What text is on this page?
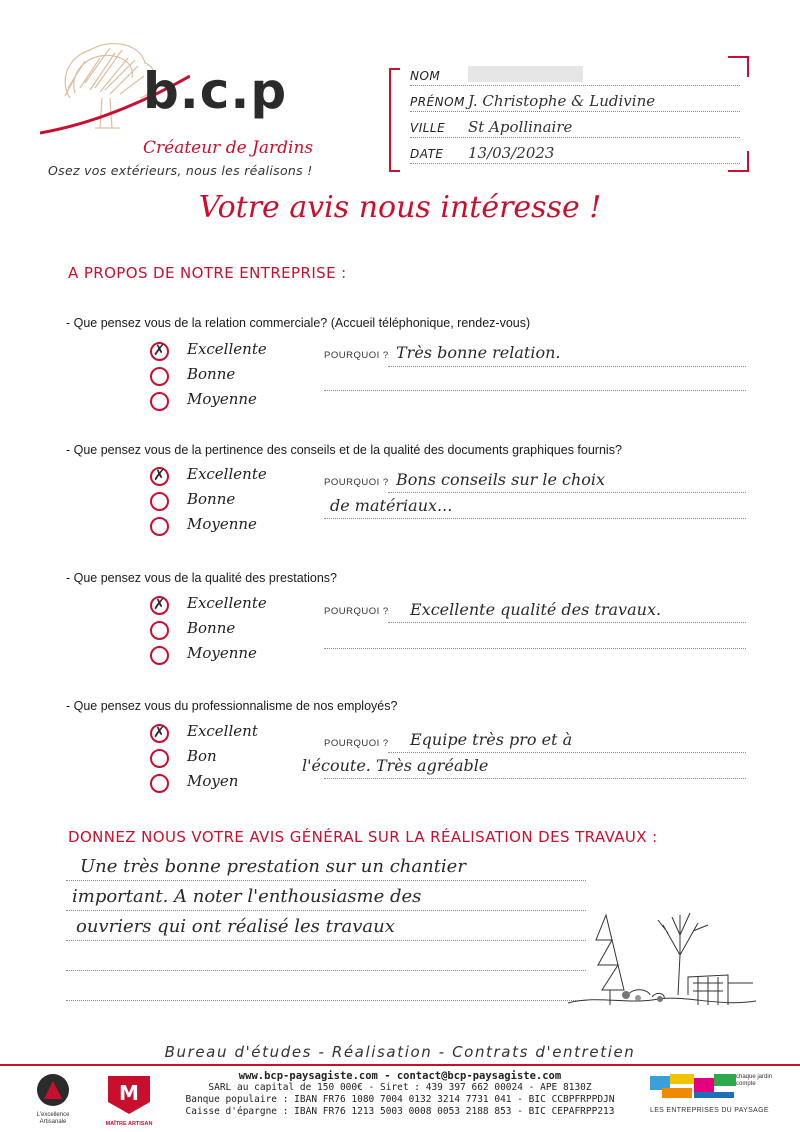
b.c.p
Créateur de Jardins
Osez vos extérieurs, nous les réalisons !
NOM
PRÉNOM J. Christophe & Ludivine
VILLE St Apollinaire
DATE 13/03/2023
Votre avis nous intéresse !
A PROPOS DE NOTRE ENTREPRISE :
- Que pensez vous de la relation commerciale? (Accueil téléphonique, rendez-vous)
✗ Excellente
Bonne
Moyenne
POURQUOI ? Très bonne relation.
- Que pensez vous de la pertinence des conseils et de la qualité des documents graphiques fournis?
✗ Excellente
Bonne
Moyenne
POURQUOI ? Bons conseils sur le choix
de matériaux...
- Que pensez vous de la qualité des prestations?
✗ Excellente
Bonne
Moyenne
POURQUOI ? Excellente qualité des travaux.
- Que pensez vous du professionnalisme de nos employés?
✗ Excellent
Bon
Moyen
POURQUOI ? Equipe très pro et à
l'écoute. Très agréable
DONNEZ NOUS VOTRE AVIS GÉNÉRAL SUR LA RÉALISATION DES TRAVAUX :
Une très bonne prestation sur un chantier
important. A noter l'enthousiasme des
ouvriers qui ont réalisé les travaux
Bureau d'études - Réalisation - Contrats d'entretien
www.bcp-paysagiste.com - contact@bcp-paysagiste.com
SARL au capital de 150 000€ - Siret : 439 397 662 00024 - APE 8130Z
Banque populaire : IBAN FR76 1080 7004 0132 3214 7731 041 - BIC CCBPFRPPDJN
Caisse d'épargne : IBAN FR76 1213 5003 0008 0053 2188 853 - BIC CEPAFRPP213
L'excellence
Artisanale
M
MAÎTRE ARTISAN
chaque jardin compte
LES ENTREPRISES DU PAYSAGE
